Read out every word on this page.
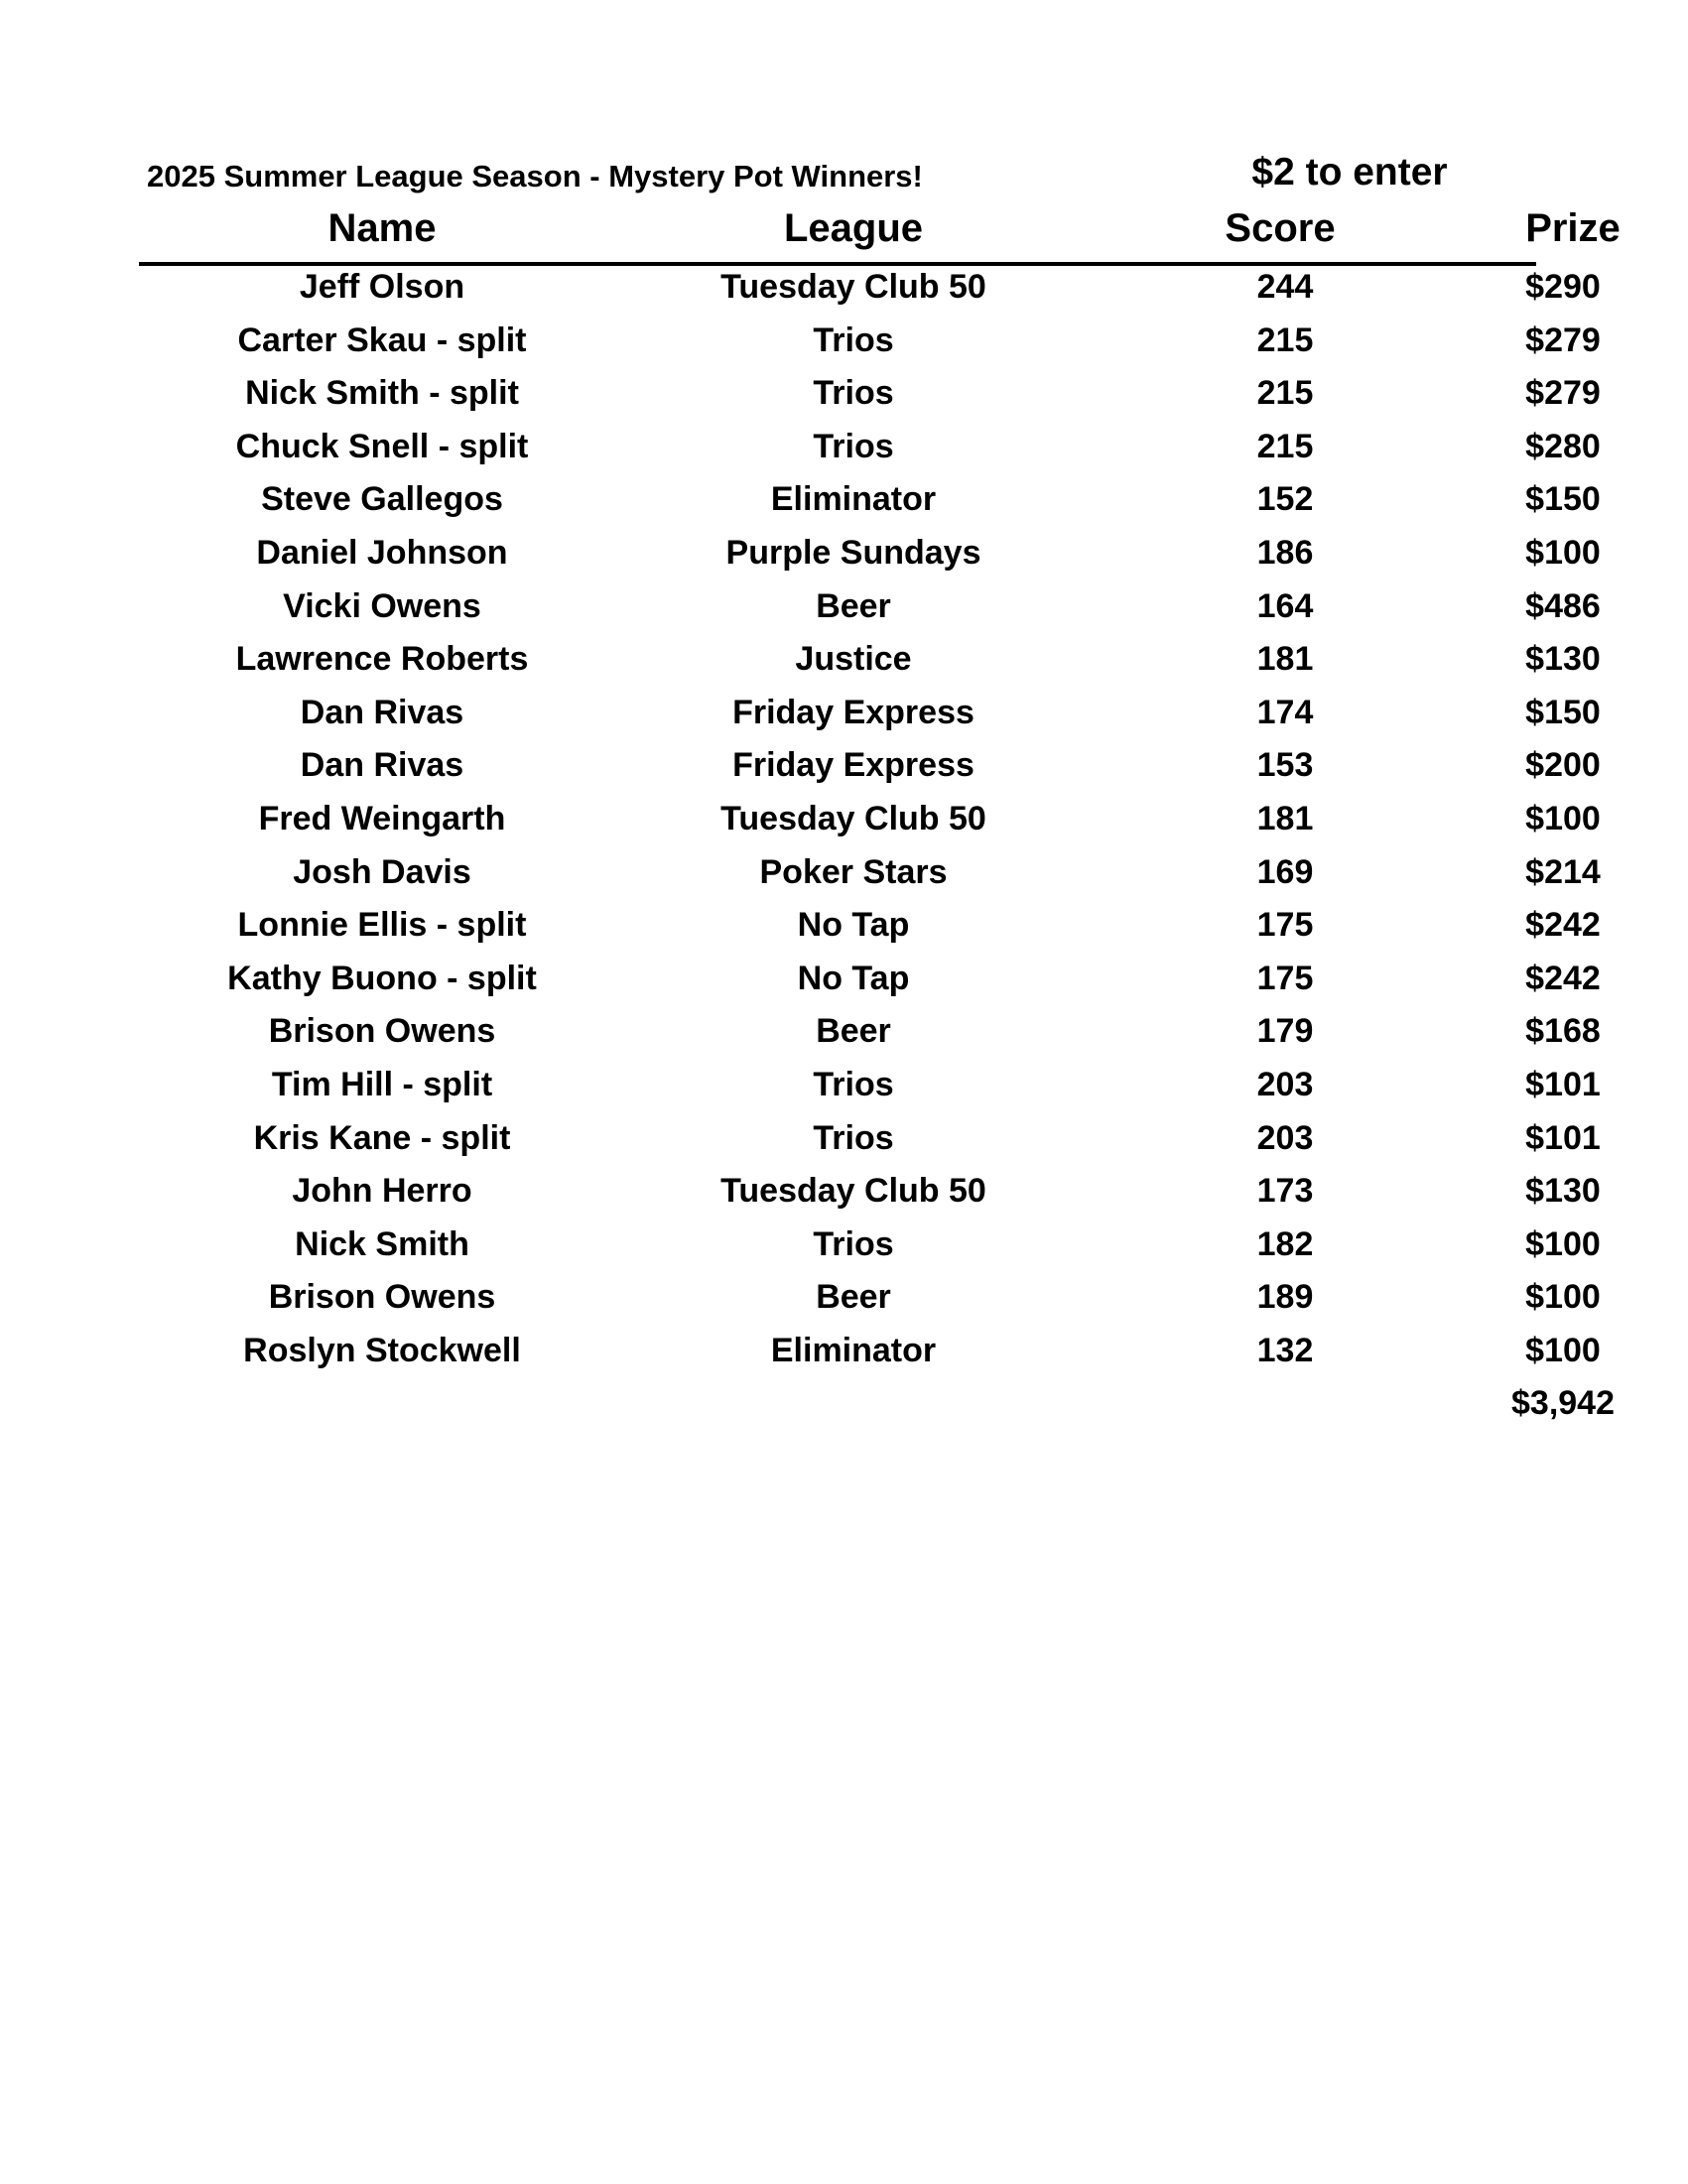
2025 Summer League Season - Mystery Pot Winners!	$2 to enter
Name	League	Score	Prize
Jeff Olson	Tuesday Club 50	244	$290
Carter Skau - split	Trios	215	$279
Nick Smith - split	Trios	215	$279
Chuck Snell - split	Trios	215	$280
Steve Gallegos	Eliminator	152	$150
Daniel Johnson	Purple Sundays	186	$100
Vicki Owens	Beer	164	$486
Lawrence Roberts	Justice	181	$130
Dan Rivas	Friday Express	174	$150
Dan Rivas	Friday Express	153	$200
Fred Weingarth	Tuesday Club 50	181	$100
Josh Davis	Poker Stars	169	$214
Lonnie Ellis - split	No Tap	175	$242
Kathy Buono - split	No Tap	175	$242
Brison Owens	Beer	179	$168
Tim Hill - split	Trios	203	$101
Kris Kane - split	Trios	203	$101
John Herro	Tuesday Club 50	173	$130
Nick Smith	Trios	182	$100
Brison Owens	Beer	189	$100
Roslyn Stockwell	Eliminator	132	$100
$3,942
